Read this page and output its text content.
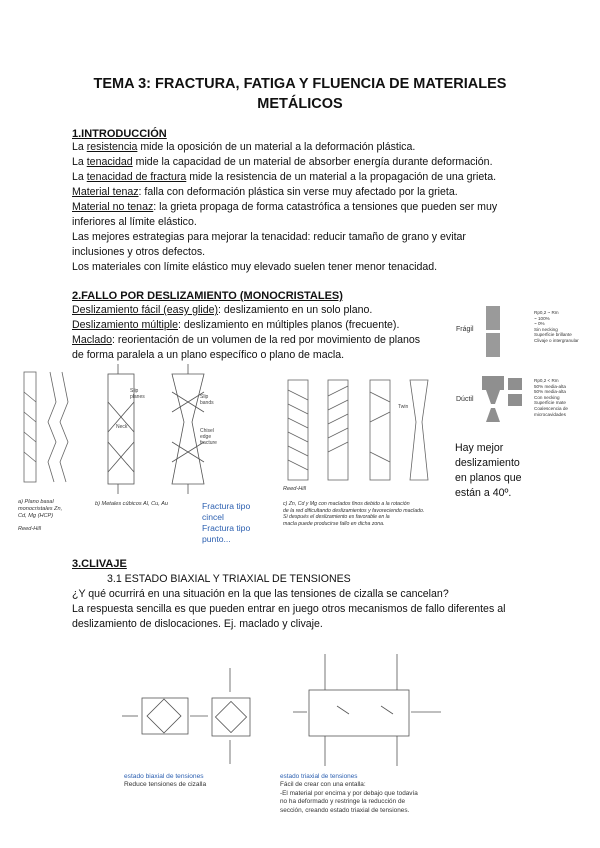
TEMA 3: FRACTURA, FATIGA Y FLUENCIA DE MATERIALES
METÁLICOS
1.INTRODUCCIÓN
La resistencia mide la oposición de un material a la deformación plástica.
La tenacidad mide la capacidad de un material de absorber energía durante deformación.
La tenacidad de fractura mide la resistencia de un material a la propagación de una grieta.
Material tenaz: falla con deformación plástica sin verse muy afectado por la grieta.
Material no tenaz: la grieta propaga de forma catastrófica a tensiones que pueden ser muy
inferiores al límite elástico.
Las mejores estrategias para mejorar la tenacidad: reducir tamaño de grano y evitar
inclusiones y otros defectos.
Los materiales con límite elástico muy elevado suelen tener menor tenacidad.
2.FALLO POR DESLIZAMIENTO (MONOCRISTALES)
Deslizamiento fácil (easy glide): deslizamiento en un solo plano.
Deslizamiento múltiple: deslizamiento en múltiples planos (frecuente).
Maclado: reorientación de un volumen de la red por movimiento de planos
de forma paralela a un plano específico o plano de macla.
Frágil
Dúctil
Rp0,2 ~ Rm
~ 100%
~ 0%
Sin necking
Superficie brillante
Clivaje o intergranular
Rp0,2 < Rm
50% media-alta
50% media-alta
Con necking
Superficie mate
Coalescencia de
microcavidades
Slip
planes
Neck
Slip
bands
Chisel
edge
fracture
Twin
Hay mejor
deslizamiento
en planos que
están a 40º.
a) Plano basal
monocristales Zn,
Cd, Mg (HCP)
Reed-Hill
b) Metales cúbicos Al, Cu, Au	Fractura tipo
cincel
Fractura tipo
punto...
Reed-Hill
c) Zn, Cd y Mg con maclados finos debido a la rotación
de la red dificultando deslizamientos y favoreciendo maclado.
Si después el deslizamiento es favorable en la
macla puede producirse fallo en dicha zona.
3.CLIVAJE
3.1 ESTADO BIAXIAL Y TRIAXIAL DE TENSIONES
¿Y qué ocurrirá en una situación en la que las tensiones de cizalla se cancelan?
La respuesta sencilla es que pueden entrar en juego otros mecanismos de fallo diferentes al
deslizamiento de dislocaciones. Ej. maclado y clivaje.
estado biaxial de tensiones
Reduce tensiones de cizalla
estado triaxial de tensiones
Fácil de crear con una entalla:
-El material por encima y por debajo que todavía
no ha deformado y restringe la reducción de
sección, creando estado triaxial de tensiones.
